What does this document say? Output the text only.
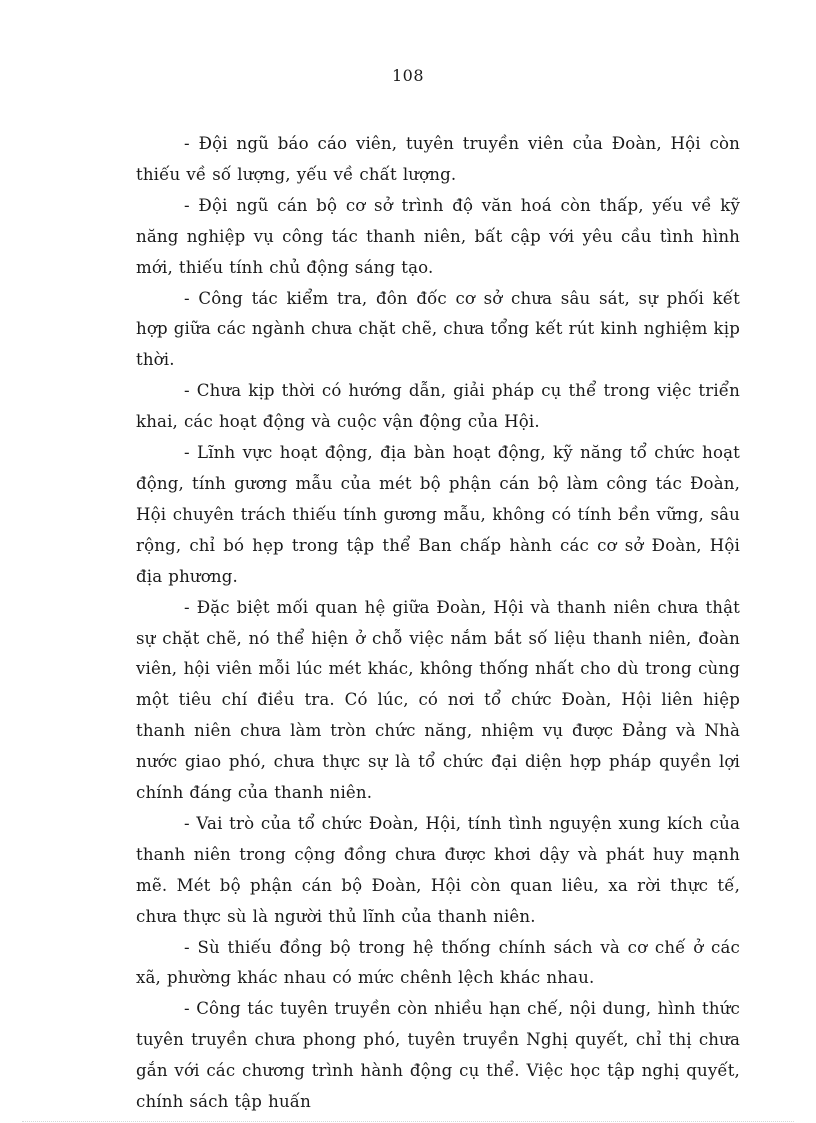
108

- Đội ngũ báo cáo viên, tuyên truyền viên của Đoàn, Hội còn thiếu về số lượng, yếu về chất lượng.

- Đội ngũ cán bộ cơ sở trình độ văn hoá còn thấp, yếu về kỹ năng nghiệp vụ công tác thanh niên, bất cập với yêu cầu tình hình mới, thiếu tính chủ động sáng tạo.

- Công tác kiểm tra, đôn đốc cơ sở chưa sâu sát, sự phối kết hợp giữa các ngành chưa chặt chẽ, chưa tổng kết rút kinh nghiệm kịp thời.

- Chưa kịp thời có hướng dẫn, giải pháp cụ thể trong việc triển khai, các hoạt động và cuộc vận động của Hội.

- Lĩnh vực hoạt động, địa bàn hoạt động, kỹ năng tổ chức hoạt động, tính gương mẫu của mét bộ phận cán bộ làm công tác Đoàn, Hội chuyên trách thiếu tính gương mẫu, không có tính bền vững, sâu rộng, chỉ bó hẹp trong tập thể Ban chấp hành các cơ sở Đoàn, Hội địa phương.

- Đặc biệt mối quan hệ giữa Đoàn, Hội và thanh niên chưa thật sự chặt chẽ, nó thể hiện ở chỗ việc nắm bắt số liệu thanh niên, đoàn viên, hội viên mỗi lúc mét khác, không thống nhất cho dù trong cùng một tiêu chí điều tra. Có lúc, có nơi tổ chức Đoàn, Hội liên hiệp thanh niên chưa làm tròn chức năng, nhiệm vụ được Đảng và Nhà nước giao phó, chưa thực sự là tổ chức đại diện hợp pháp quyền lợi chính đáng của thanh niên.

- Vai trò của tổ chức Đoàn, Hội, tính tình nguyện xung kích của thanh niên trong cộng đồng chưa được khơi dậy và phát huy mạnh mẽ. Mét bộ phận cán bộ Đoàn, Hội còn quan liêu, xa rời thực tế, chưa thực sù là người thủ lĩnh của thanh niên.

- Sù thiếu đồng bộ trong hệ thống chính sách và cơ chế ở các xã, phường khác nhau có mức chênh lệch khác nhau.

- Công tác tuyên truyền còn nhiều hạn chế, nội dung, hình thức tuyên truyền chưa phong phó, tuyên truyền Nghị quyết, chỉ thị chưa gắn với các chương trình hành động cụ thể. Việc học tập nghị quyết, chính sách tập huấn
